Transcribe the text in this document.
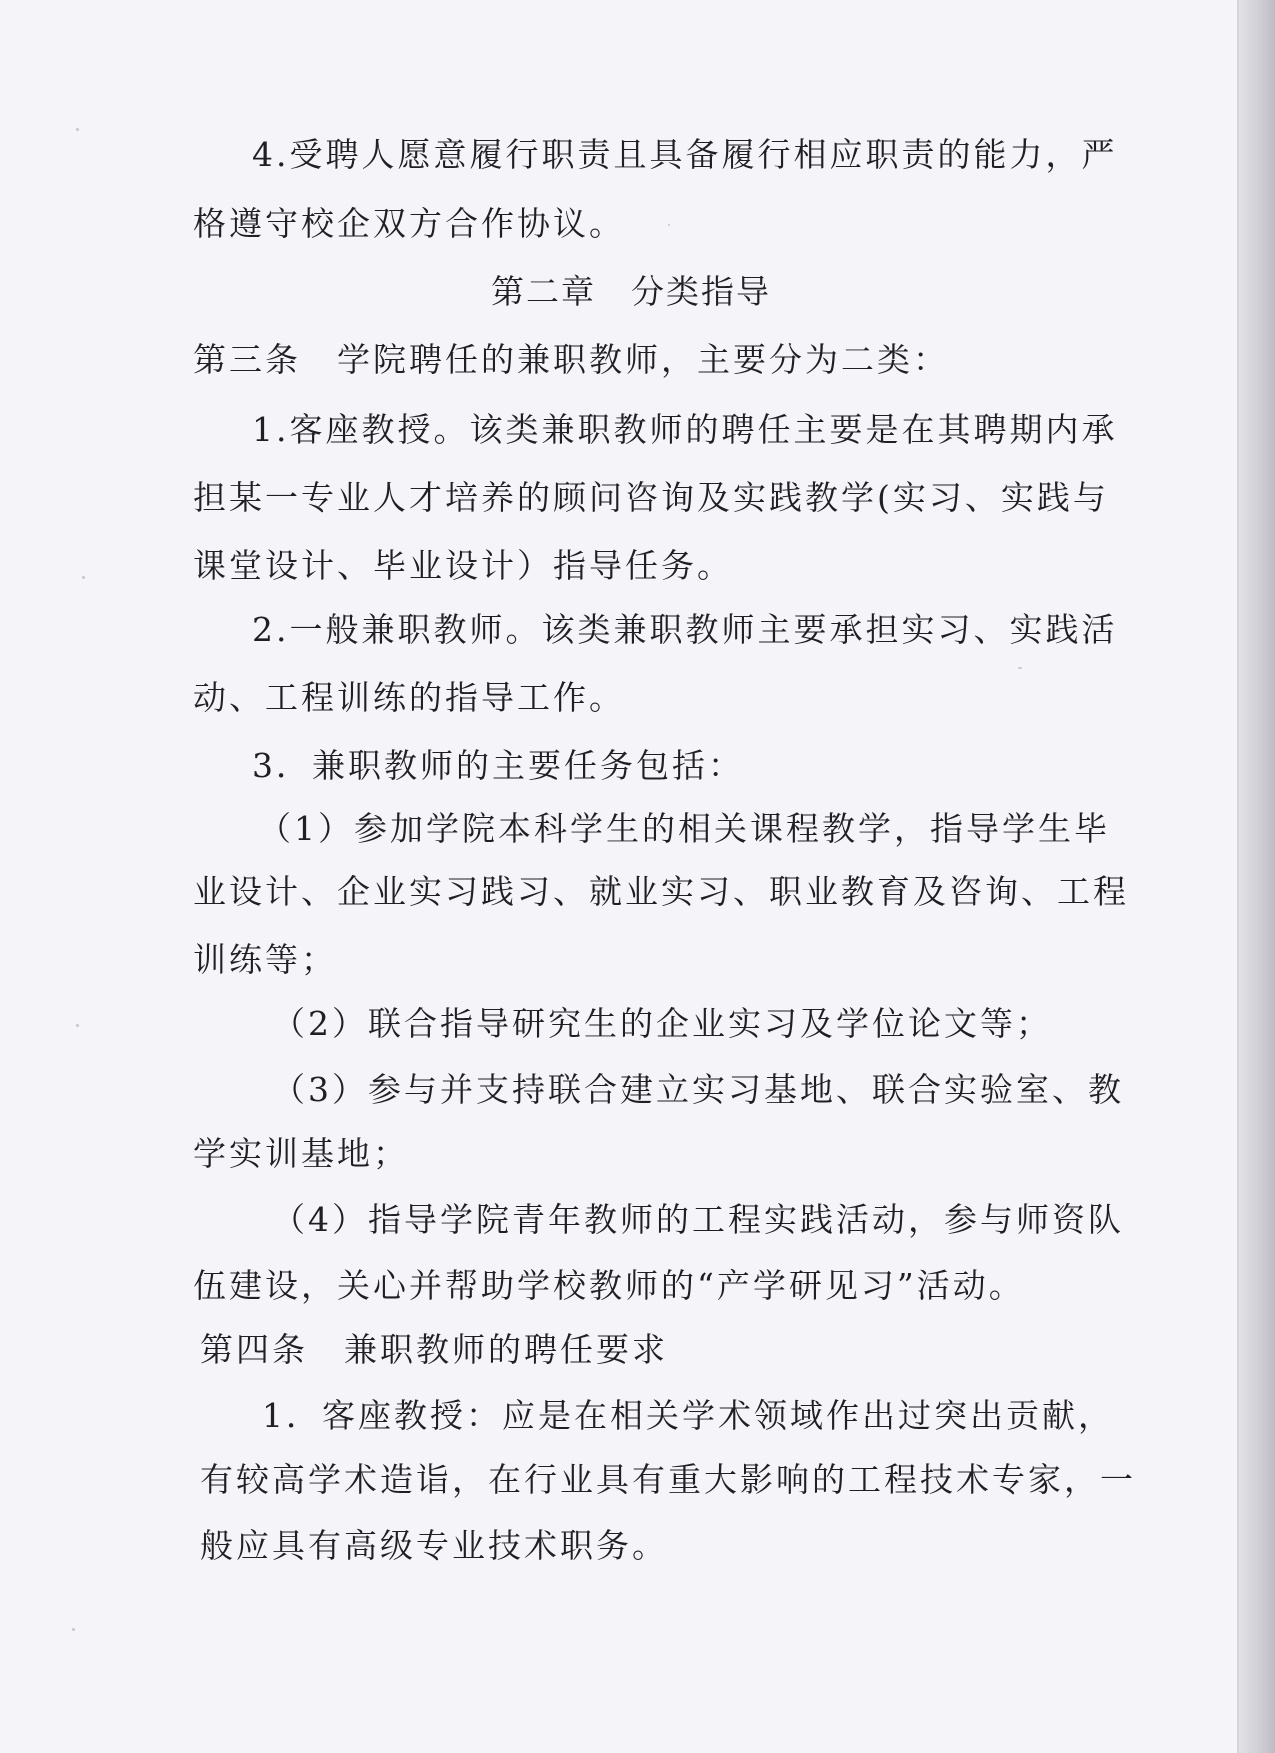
4.受聘人愿意履行职责且具备履行相应职责的能力，严

格遵守校企双方合作协议。

第二章　分类指导

第三条　学院聘任的兼职教师，主要分为二类：

1.客座教授。该类兼职教师的聘任主要是在其聘期内承

担某一专业人才培养的顾问咨询及实践教学(实习、实践与

课堂设计、毕业设计）指导任务。

2.一般兼职教师。该类兼职教师主要承担实习、实践活

动、工程训练的指导工作。

3．兼职教师的主要任务包括：

（1）参加学院本科学生的相关课程教学，指导学生毕

业设计、企业实习践习、就业实习、职业教育及咨询、工程

训练等；

（2）联合指导研究生的企业实习及学位论文等；

（3）参与并支持联合建立实习基地、联合实验室、教

学实训基地；

（4）指导学院青年教师的工程实践活动，参与师资队

伍建设，关心并帮助学校教师的“产学研见习”活动。

第四条　兼职教师的聘任要求

1．客座教授：应是在相关学术领域作出过突出贡献，

有较高学术造诣，在行业具有重大影响的工程技术专家，一

般应具有高级专业技术职务。
